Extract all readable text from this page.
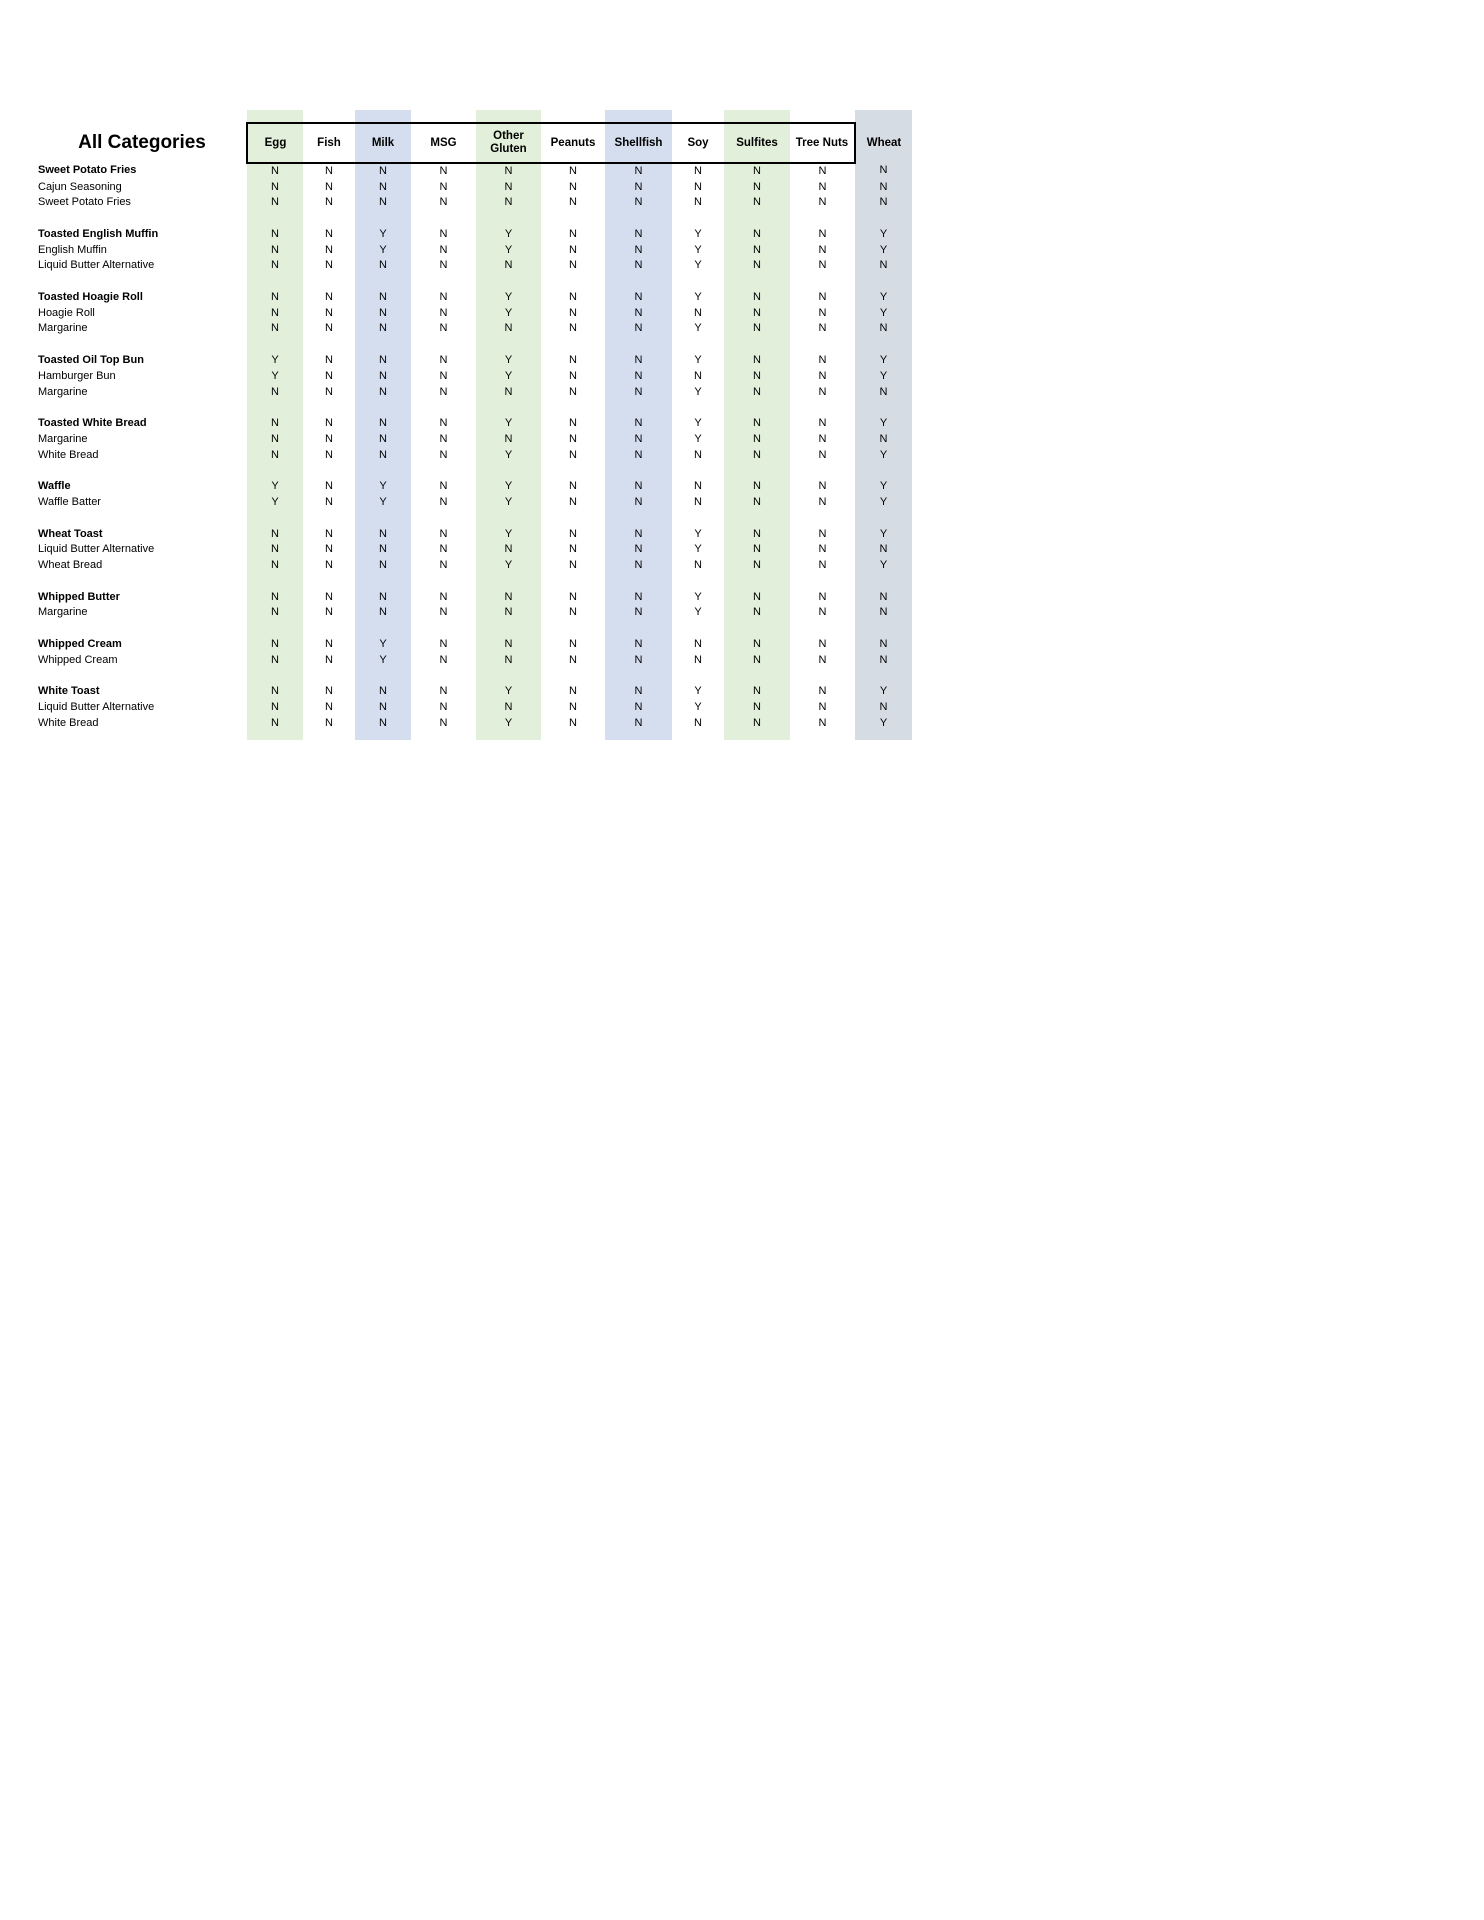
All Categories	Egg	Fish	Milk	MSG	Other Gluten	Peanuts	Shellfish	Soy	Sulfites	Tree Nuts	Wheat
Sweet Potato Fries	N	N	N	N	N	N	N	N	N	N	N
Cajun Seasoning	N	N	N	N	N	N	N	N	N	N	N
Sweet Potato Fries	N	N	N	N	N	N	N	N	N	N	N

Toasted English Muffin	N	N	Y	N	Y	N	N	Y	N	N	Y
English Muffin	N	N	Y	N	Y	N	N	Y	N	N	Y
Liquid Butter Alternative	N	N	N	N	N	N	N	Y	N	N	N

Toasted Hoagie Roll	N	N	N	N	Y	N	N	Y	N	N	Y
Hoagie Roll	N	N	N	N	Y	N	N	N	N	N	Y
Margarine	N	N	N	N	N	N	N	Y	N	N	N

Toasted Oil Top Bun	Y	N	N	N	Y	N	N	Y	N	N	Y
Hamburger Bun	Y	N	N	N	Y	N	N	N	N	N	Y
Margarine	N	N	N	N	N	N	N	Y	N	N	N

Toasted White Bread	N	N	N	N	Y	N	N	Y	N	N	Y
Margarine	N	N	N	N	N	N	N	Y	N	N	N
White Bread	N	N	N	N	Y	N	N	N	N	N	Y

Waffle	Y	N	Y	N	Y	N	N	N	N	N	Y
Waffle Batter	Y	N	Y	N	Y	N	N	N	N	N	Y

Wheat Toast	N	N	N	N	Y	N	N	Y	N	N	Y
Liquid Butter Alternative	N	N	N	N	N	N	N	Y	N	N	N
Wheat Bread	N	N	N	N	Y	N	N	N	N	N	Y

Whipped Butter	N	N	N	N	N	N	N	Y	N	N	N
Margarine	N	N	N	N	N	N	N	Y	N	N	N

Whipped Cream	N	N	Y	N	N	N	N	N	N	N	N
Whipped Cream	N	N	Y	N	N	N	N	N	N	N	N

White Toast	N	N	N	N	Y	N	N	Y	N	N	Y
Liquid Butter Alternative	N	N	N	N	N	N	N	Y	N	N	N
White Bread	N	N	N	N	Y	N	N	N	N	N	Y
